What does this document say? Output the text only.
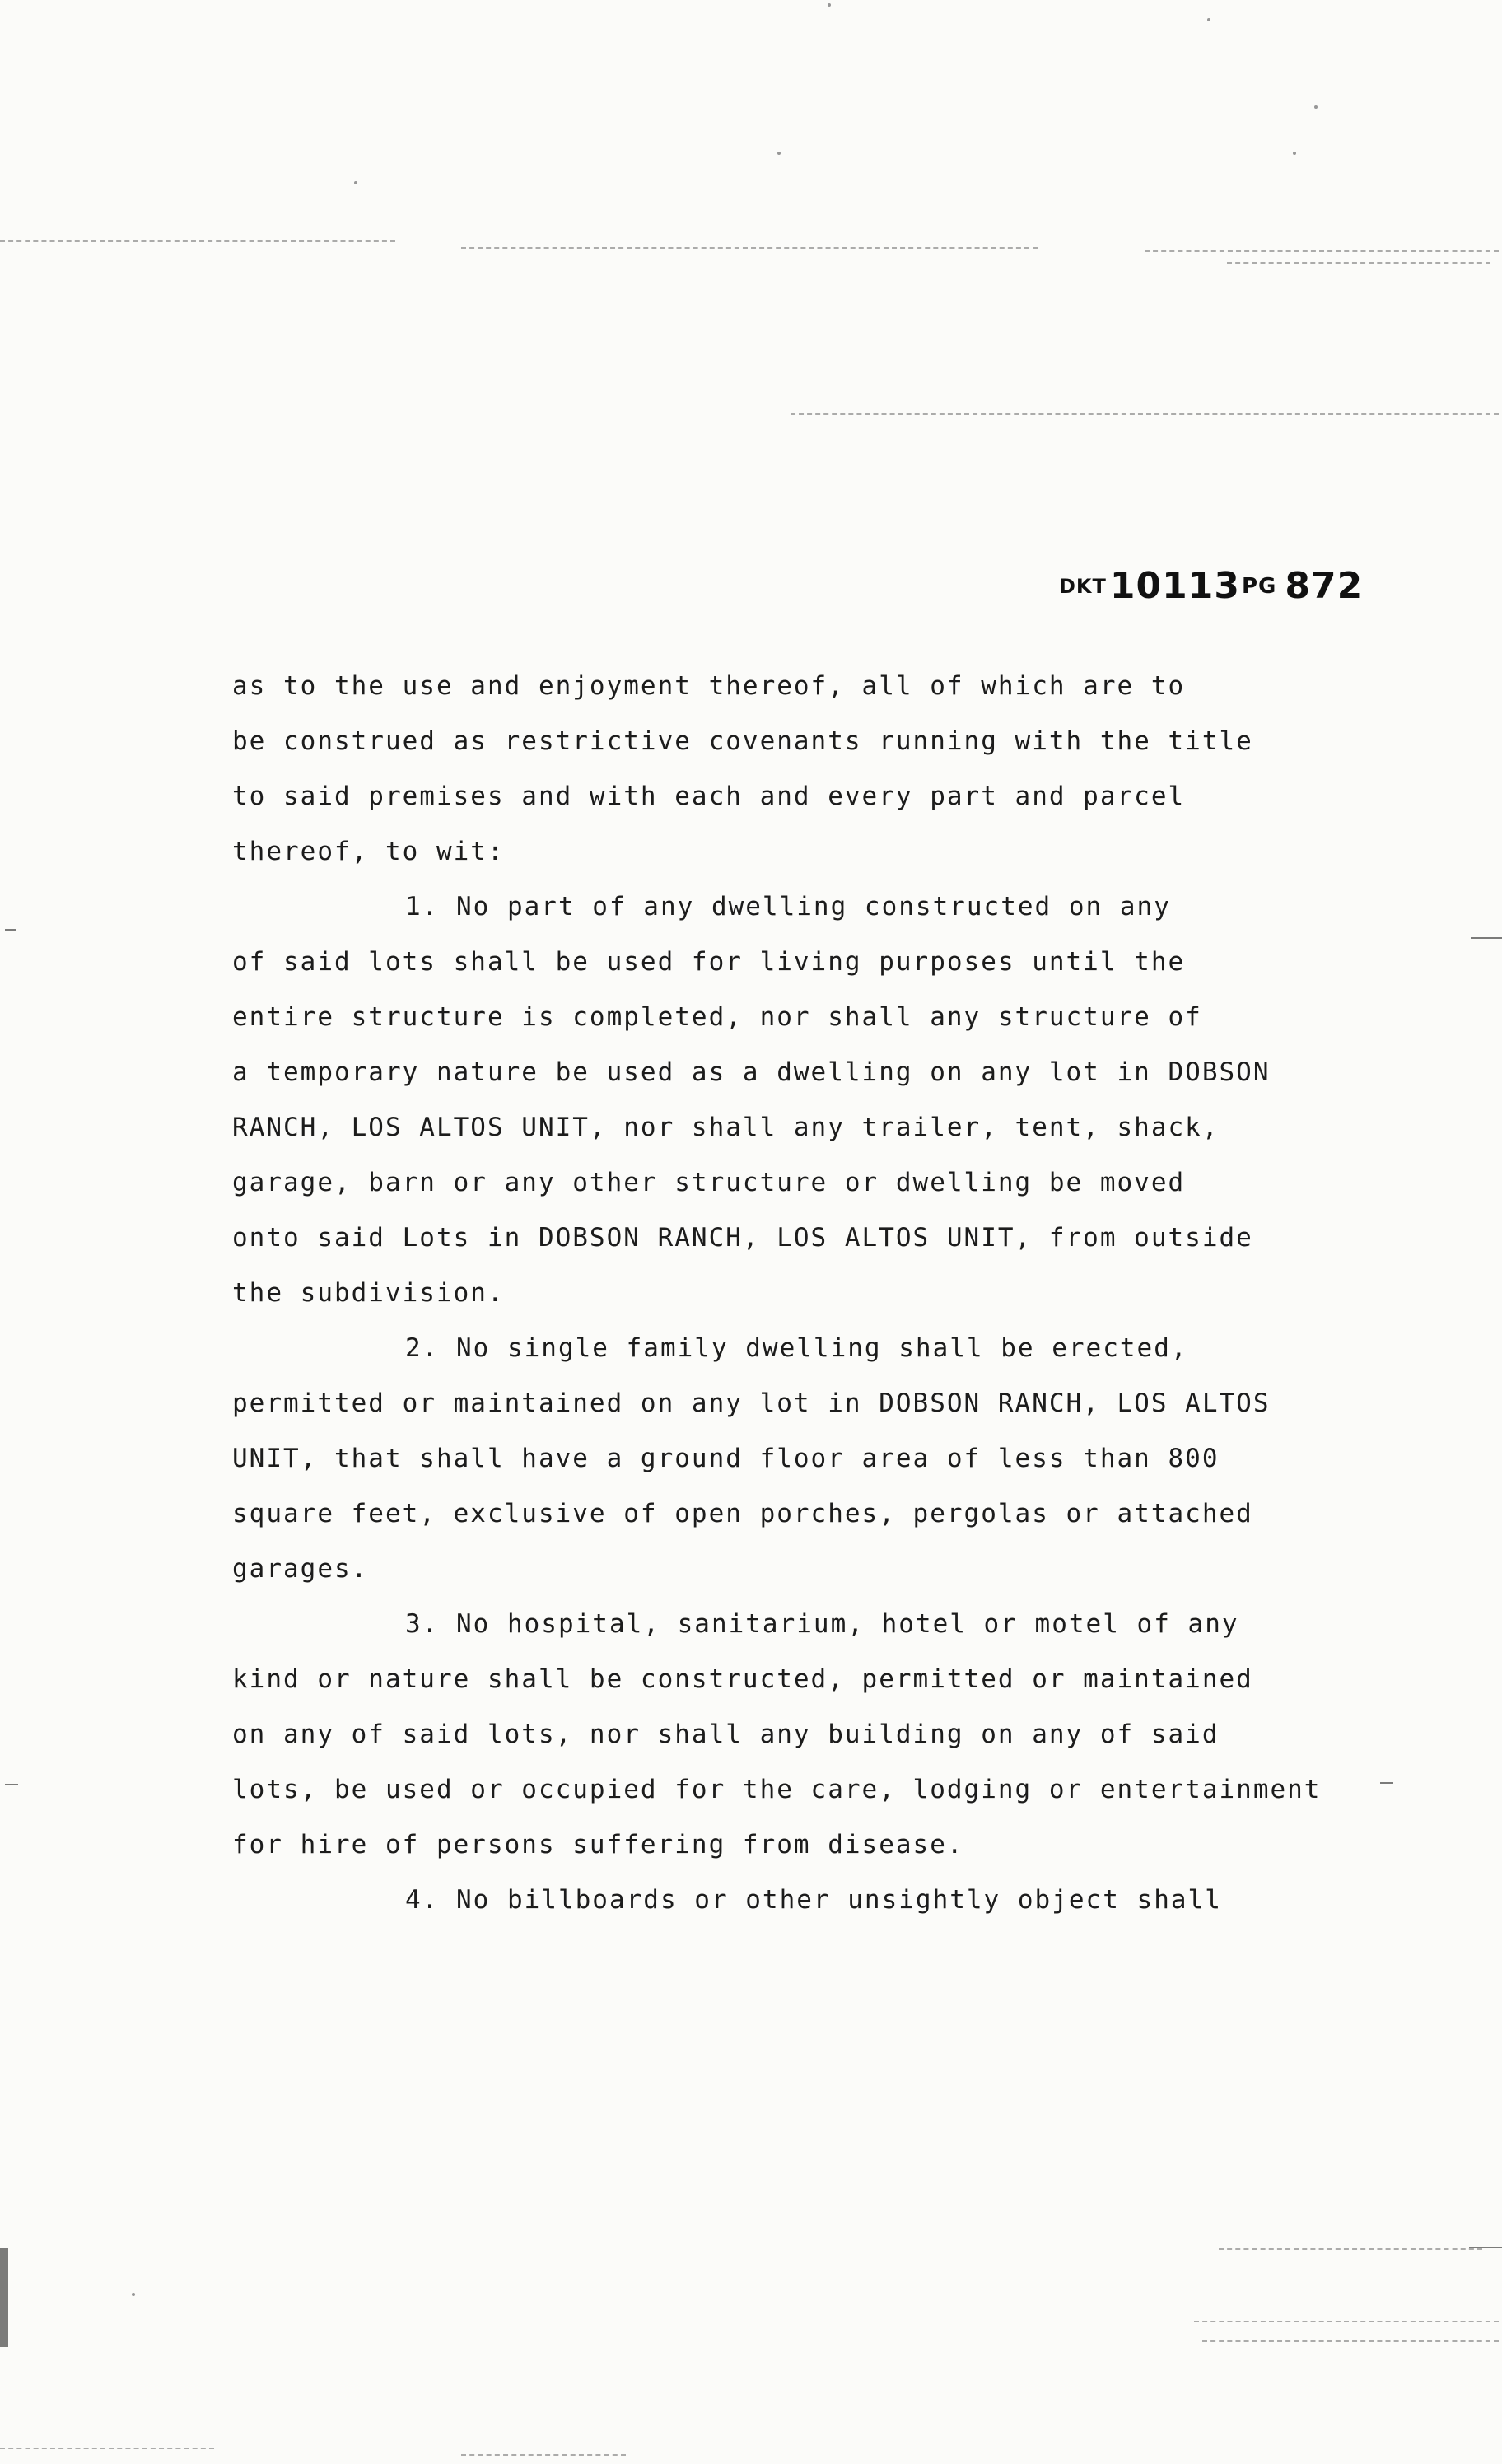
DKT10113PG 872
as to the use and enjoyment thereof, all of which are to
be construed as restrictive covenants running with the title
to said premises and with each and every part and parcel
thereof, to wit:
1. No part of any dwelling constructed on any
of said lots shall be used for living purposes until the
entire structure is completed, nor shall any structure of
a temporary nature be used as a dwelling on any lot in DOBSON
RANCH, LOS ALTOS UNIT, nor shall any trailer, tent, shack,
garage, barn or any other structure or dwelling be moved
onto said Lots in DOBSON RANCH, LOS ALTOS UNIT, from outside
the subdivision.
2. No single family dwelling shall be erected,
permitted or maintained on any lot in DOBSON RANCH, LOS ALTOS
UNIT, that shall have a ground floor area of less than 800
square feet, exclusive of open porches, pergolas or attached
garages.
3. No hospital, sanitarium, hotel or motel of any
kind or nature shall be constructed, permitted or maintained
on any of said lots, nor shall any building on any of said
lots, be used or occupied for the care, lodging or entertainment
for hire of persons suffering from disease.
4. No billboards or other unsightly object shall
